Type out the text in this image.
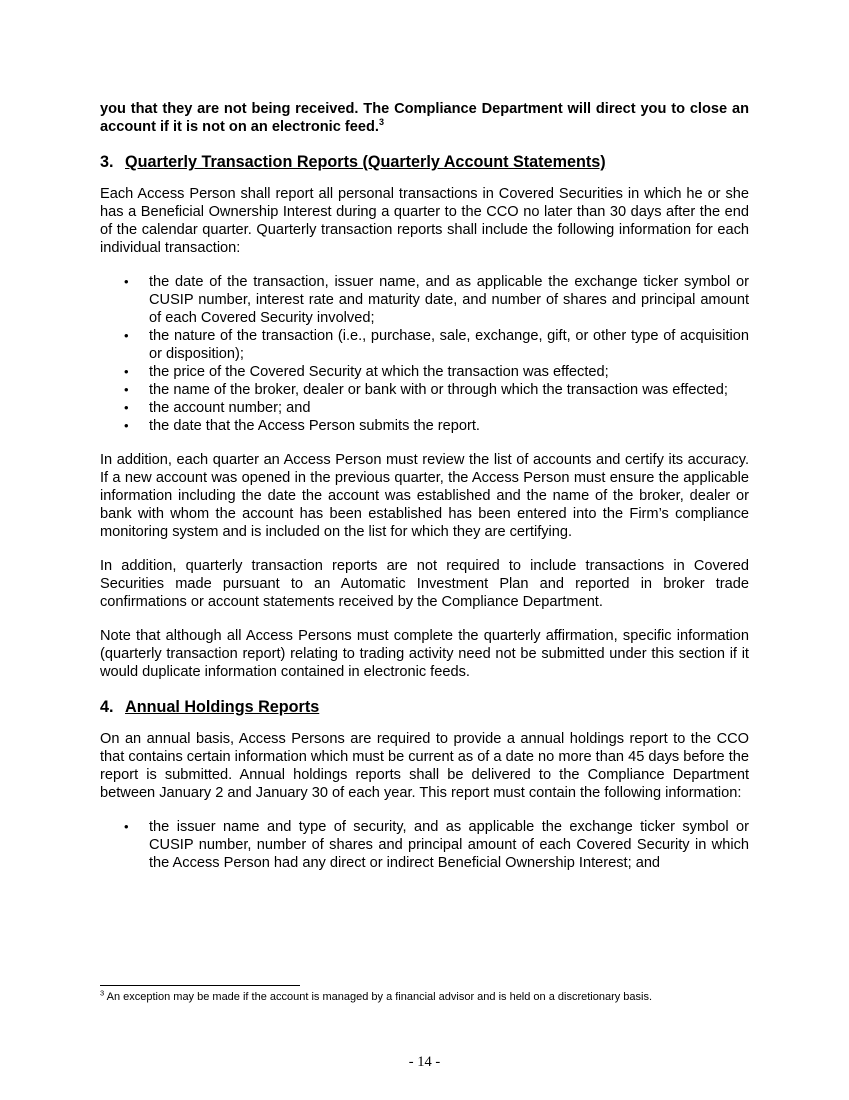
you that they are not being received. The Compliance Department will direct you to close an account if it is not on an electronic feed.$^3$

3. Quarterly Transaction Reports (Quarterly Account Statements)

Each Access Person shall report all personal transactions in Covered Securities in which he or she has a Beneficial Ownership Interest during a quarter to the CCO no later than 30 days after the end of the calendar quarter. Quarterly transaction reports shall include the following information for each individual transaction:

• the date of the transaction, issuer name, and as applicable the exchange ticker symbol or CUSIP number, interest rate and maturity date, and number of shares and principal amount of each Covered Security involved;
• the nature of the transaction (i.e., purchase, sale, exchange, gift, or other type of acquisition or disposition);
• the price of the Covered Security at which the transaction was effected;
• the name of the broker, dealer or bank with or through which the transaction was effected;
• the account number; and
• the date that the Access Person submits the report.

In addition, each quarter an Access Person must review the list of accounts and certify its accuracy. If a new account was opened in the previous quarter, the Access Person must ensure the applicable information including the date the account was established and the name of the broker, dealer or bank with whom the account has been established has been entered into the Firm’s compliance monitoring system and is included on the list for which they are certifying.

In addition, quarterly transaction reports are not required to include transactions in Covered Securities made pursuant to an Automatic Investment Plan and reported in broker trade confirmations or account statements received by the Compliance Department.

Note that although all Access Persons must complete the quarterly affirmation, specific information (quarterly transaction report) relating to trading activity need not be submitted under this section if it would duplicate information contained in electronic feeds.

4. Annual Holdings Reports

On an annual basis, Access Persons are required to provide a annual holdings report to the CCO that contains certain information which must be current as of a date no more than 45 days before the report is submitted. Annual holdings reports shall be delivered to the Compliance Department between January 2 and January 30 of each year. This report must contain the following information:

• the issuer name and type of security, and as applicable the exchange ticker symbol or CUSIP number, number of shares and principal amount of each Covered Security in which the Access Person had any direct or indirect Beneficial Ownership Interest; and
$^3$ An exception may be made if the account is managed by a financial advisor and is held on a discretionary basis.
- 14 -
